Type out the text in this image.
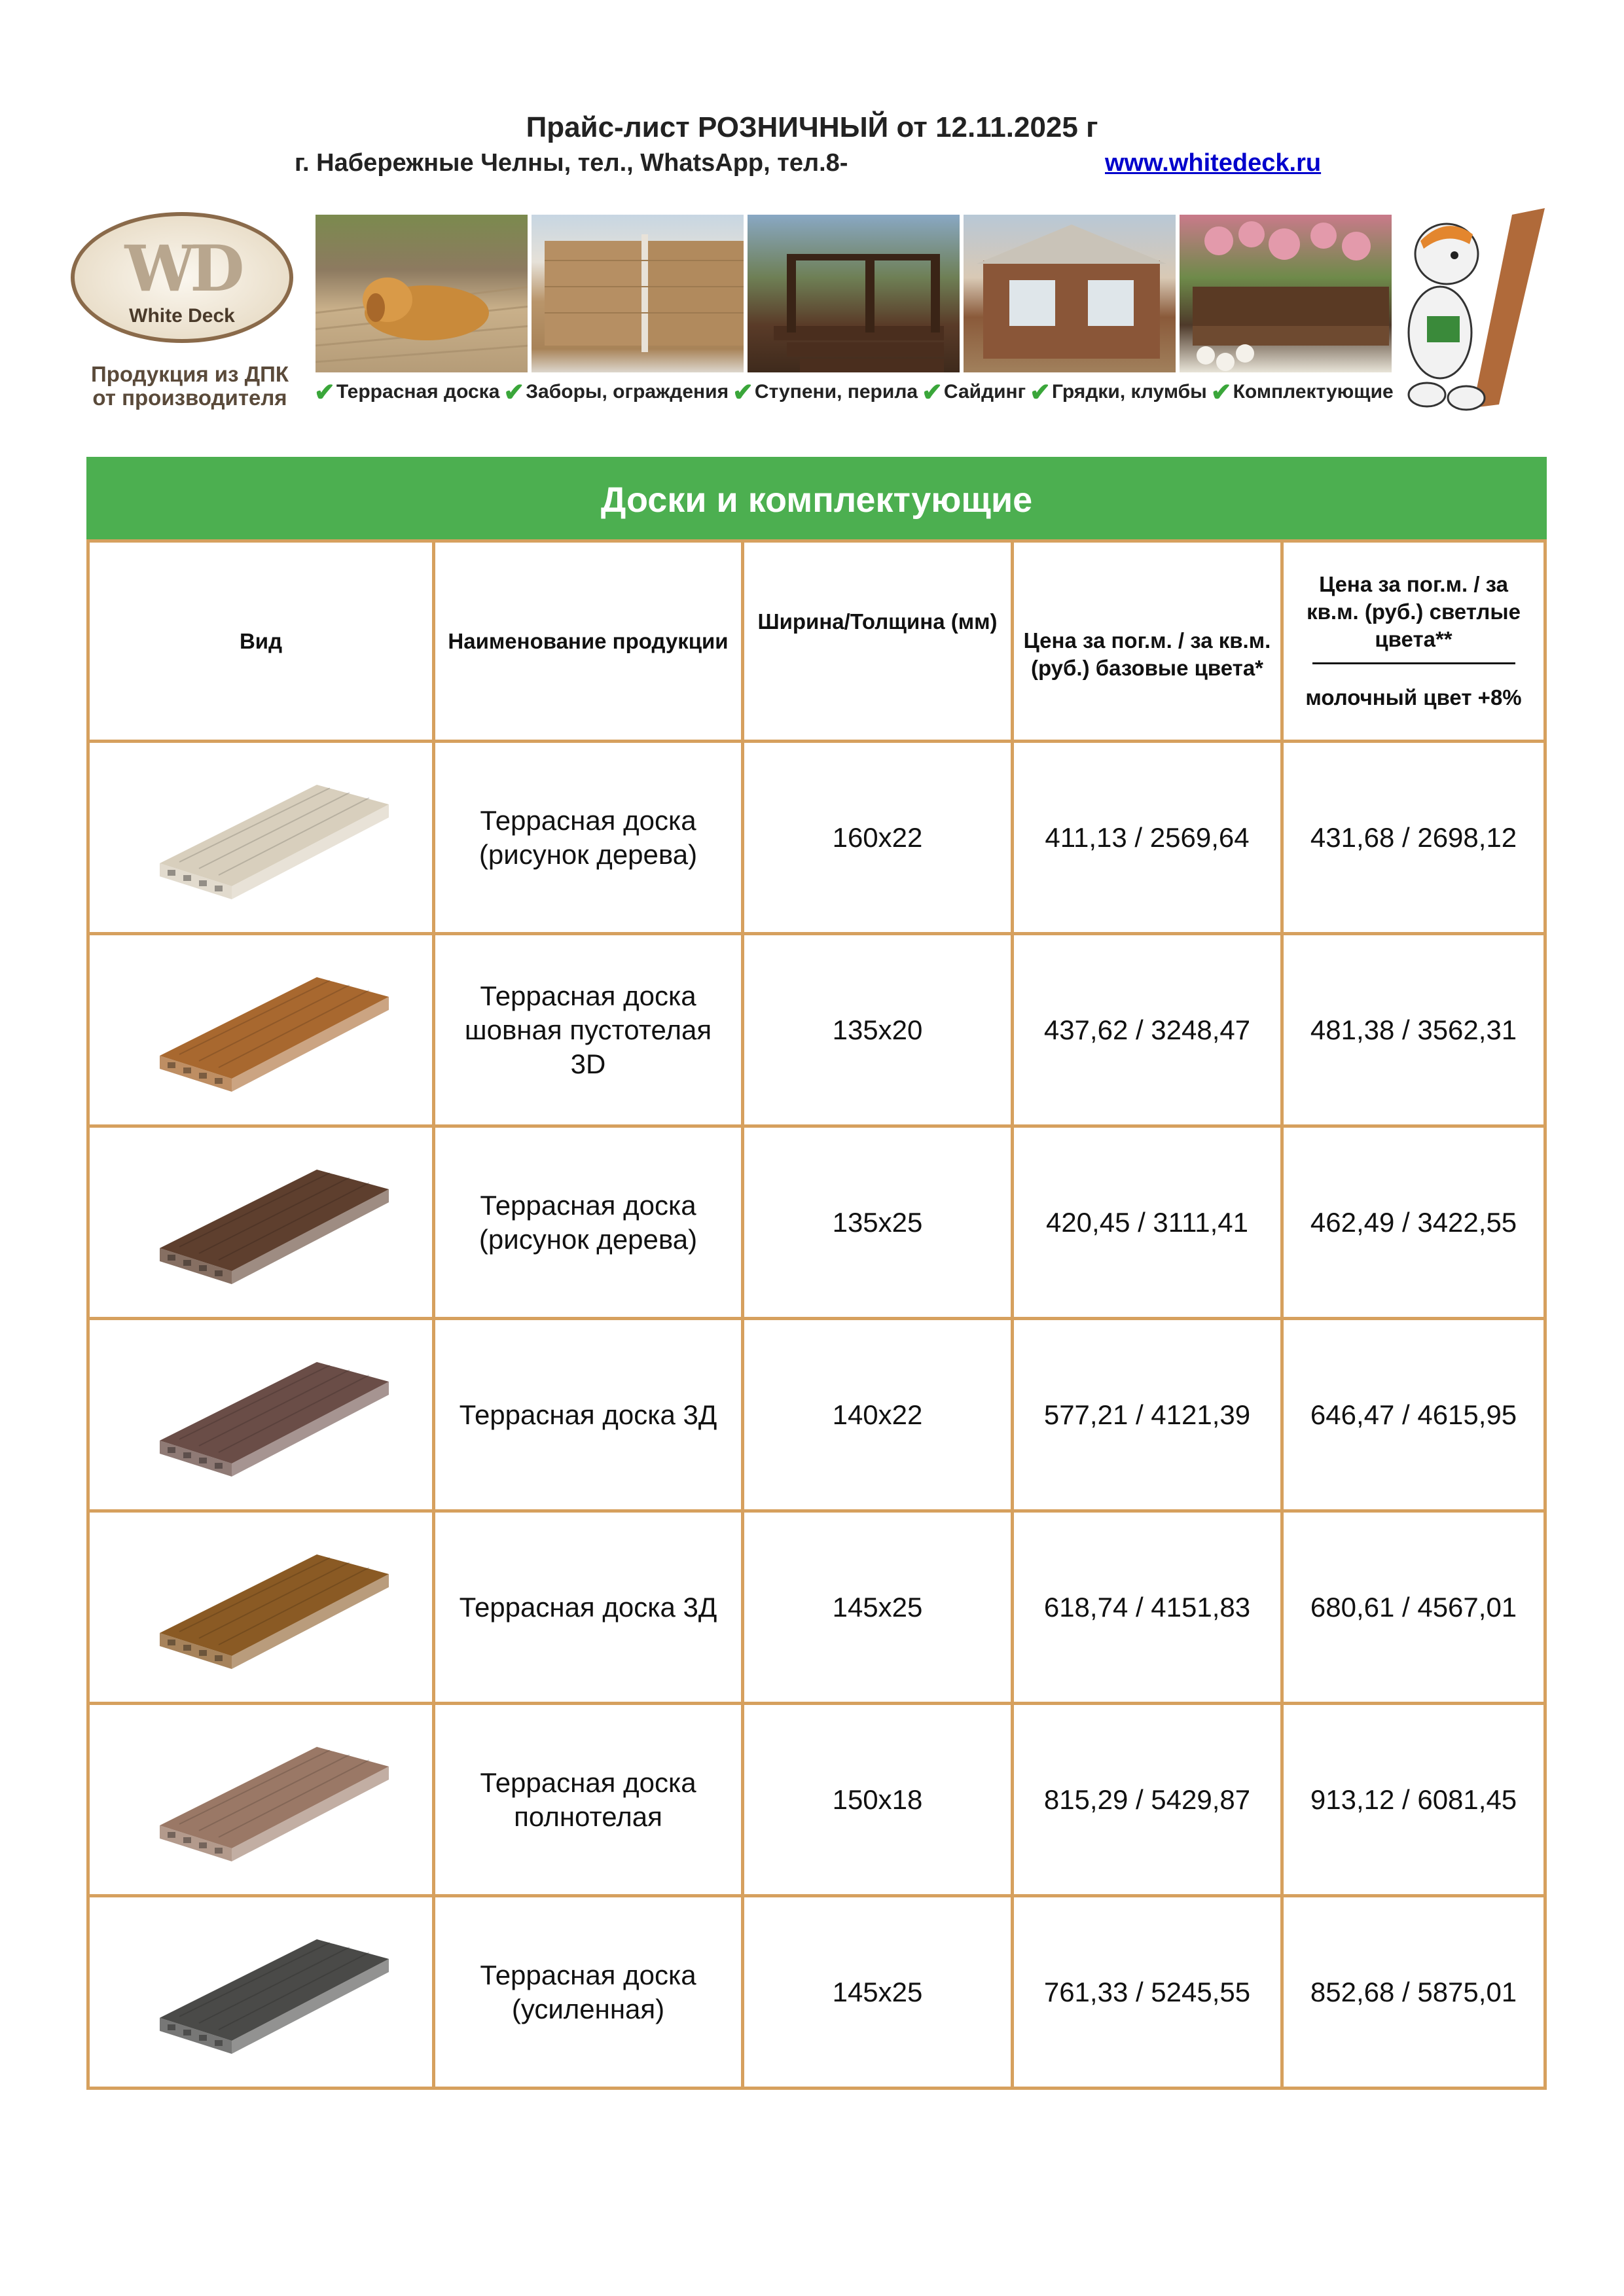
Прайс-лист РОЗНИЧНЫЙ от 12.11.2025 г
г. Набережные Челны, тел., WhatsApp, тел.8-	www.whitedeck.ru
WD
White Deck
Продукция из ДПК
от производителя	✔ Террасная доска ✔ Заборы, ограждения ✔ Ступени, перила ✔ Сайдинг ✔ Грядки, клумбы ✔ Комплектующие
Доски и комплектующие				
Вид	Наименование продукции	Ширина/Толщина (мм)	Цена за пог.м. / за кв.м. (руб.) базовые цвета*	Цена за пог.м. / за кв.м. (руб.) светлые цвета**
молочный цвет +8%
	Террасная доска (рисунок дерева)	160x22	411,13 / 2569,64	431,68 / 2698,12
	Террасная доска шовная пустотелая 3D	135x20	437,62 / 3248,47	481,38 / 3562,31
	Террасная доска (рисунок дерева)	135x25	420,45 / 3111,41	462,49 / 3422,55
	Террасная доска 3Д	140x22	577,21 / 4121,39	646,47 / 4615,95
	Террасная доска 3Д	145x25	618,74 / 4151,83	680,61 / 4567,01
	Террасная доска полнотелая	150x18	815,29 / 5429,87	913,12 / 6081,45
	Террасная доска (усиленная)	145x25	761,33 / 5245,55	852,68 / 5875,01
